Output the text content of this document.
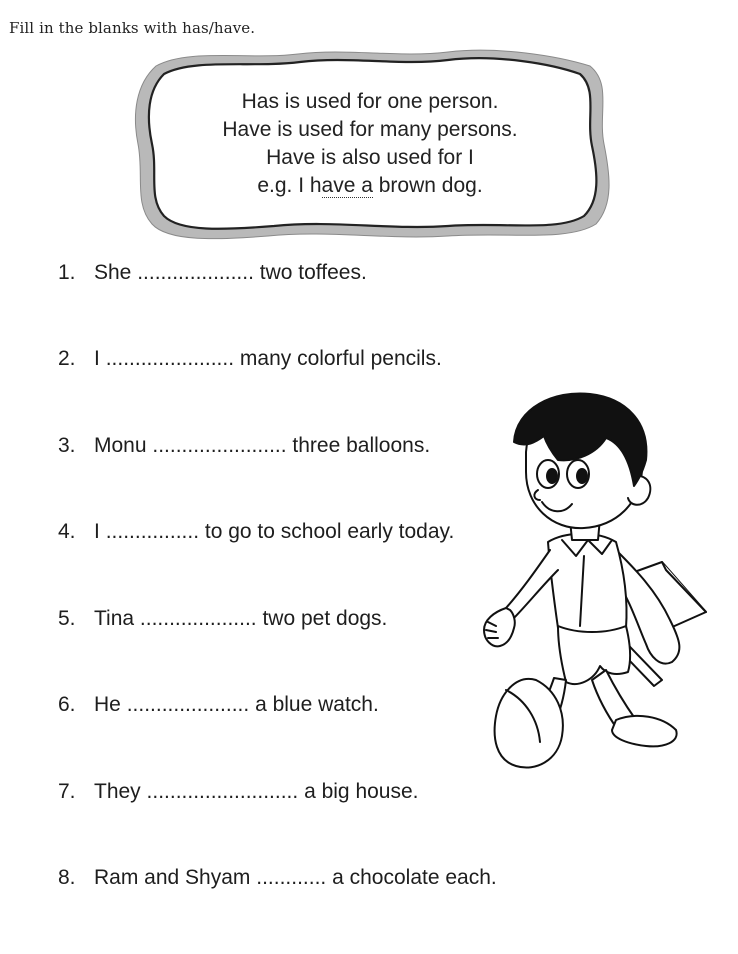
Fill in the blanks with has/have.
Has is used for one person.
Have is used for many persons.
Have is also used for I
e.g. I have a brown dog.
1. She .................... two toffees.
2. I ...................... many colorful pencils.
3. Monu ....................... three balloons.
4. I ................ to go to school early today.
5. Tina .................... two pet dogs.
6. He ..................... a blue watch.
7. They .......................... a big house.
8. Ram and Shyam ............ a chocolate each.
